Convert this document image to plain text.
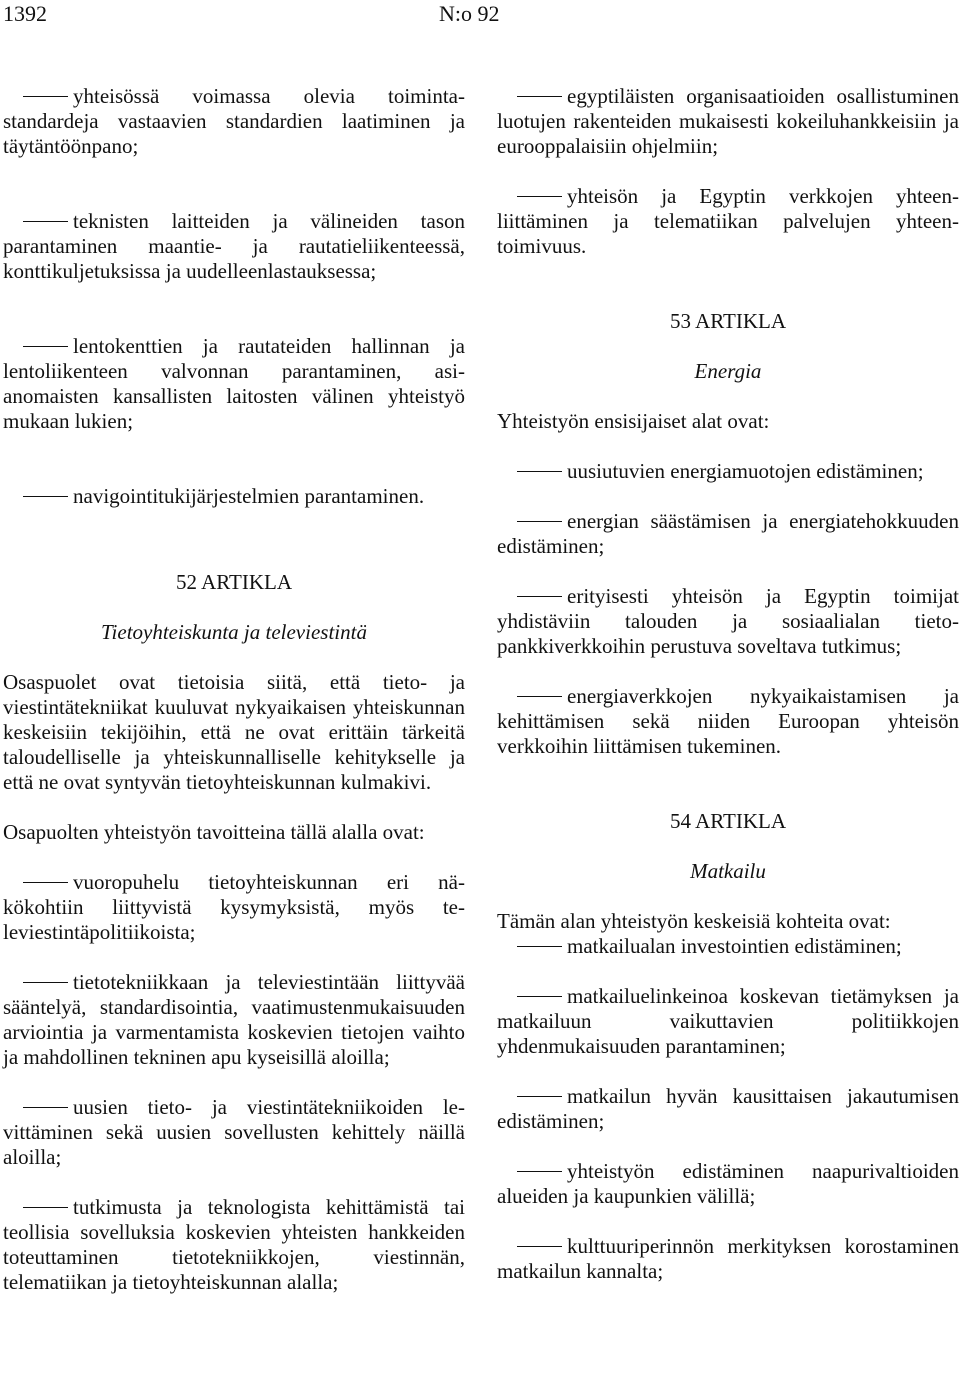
1392	N:o 92

yhteisössä voimassa olevia toimintastandardeja vastaavien standardien laatiminen ja täytäntöönpano;

teknisten laitteiden ja välineiden tason parantaminen maantie- ja rautatieliikenteessä, konttikuljetuksissa ja uudelleenlastauksessa;

lentokenttien ja rautateiden hallinnan ja lentoliikenteen valvonnan parantaminen, asianomaisten kansallisten laitosten välinen yhteistyö mukaan lukien;

navigointitukijärjestelmien parantaminen.

52 ARTIKLA

Tietoyhteiskunta ja televiestintä

Osaspuolet ovat tietoisia siitä, että tieto- ja viestintätekniikat kuuluvat nykyaikaisen yhteiskunnan keskeisiin tekijöihin, että ne ovat erittäin tärkeitä taloudelliselle ja yhteiskunnalliselle kehitykselle ja että ne ovat syntyvän tietoyhteiskunnan kulmakivi.

Osapuolten yhteistyön tavoitteina tällä alalla ovat:

vuoropuhelu tietoyhteiskunnan eri näkökohtiin liittyvistä kysymyksistä, myös televiestintäpolitiikoista;

tietotekniikkaan ja televiestintään liittyvää sääntelyä, standardisointia, vaatimustenmukaisuuden arviointia ja varmentamista koskevien tietojen vaihto ja mahdollinen tekninen apu kyseisillä aloilla;

uusien tieto- ja viestintätekniikoiden levittäminen sekä uusien sovellusten kehittely näillä aloilla;

tutkimusta ja teknologista kehittämistä tai teollisia sovelluksia koskevien yhteisten hankkeiden toteuttaminen tietotekniikkojen, viestinnän, telematiikan ja tietoyhteiskunnan alalla;

egyptiläisten organisaatioiden osallistuminen luotujen rakenteiden mukaisesti kokeiluhankkeisiin ja eurooppalaisiin ohjelmiin;

yhteisön ja Egyptin verkkojen yhteenliittäminen ja telematiikan palvelujen yhteentoimivuus.

53 ARTIKLA

Energia

Yhteistyön ensisijaiset alat ovat:

uusiutuvien energiamuotojen edistäminen;

energian säästämisen ja energiatehokkuuden edistäminen;

erityisesti yhteisön ja Egyptin toimijat yhdistäviin talouden ja sosiaalialan tietopankkiverkkoihin perustuva soveltava tutkimus;

energiaverkkojen nykyaikaistamisen ja kehittämisen sekä niiden Euroopan yhteisön verkkoihin liittämisen tukeminen.

54 ARTIKLA

Matkailu

Tämän alan yhteistyön keskeisiä kohteita ovat:

matkailualan investointien edistäminen;

matkailuelinkeinoa koskevan tietämyksen ja matkailuun vaikuttavien politiikkojen yhdenmukaisuuden parantaminen;

matkailun hyvän kausittaisen jakautumisen edistäminen;

yhteistyön edistäminen naapurivaltioiden alueiden ja kaupunkien välillä;

kulttuuriperinnön merkityksen korostaminen matkailun kannalta;
